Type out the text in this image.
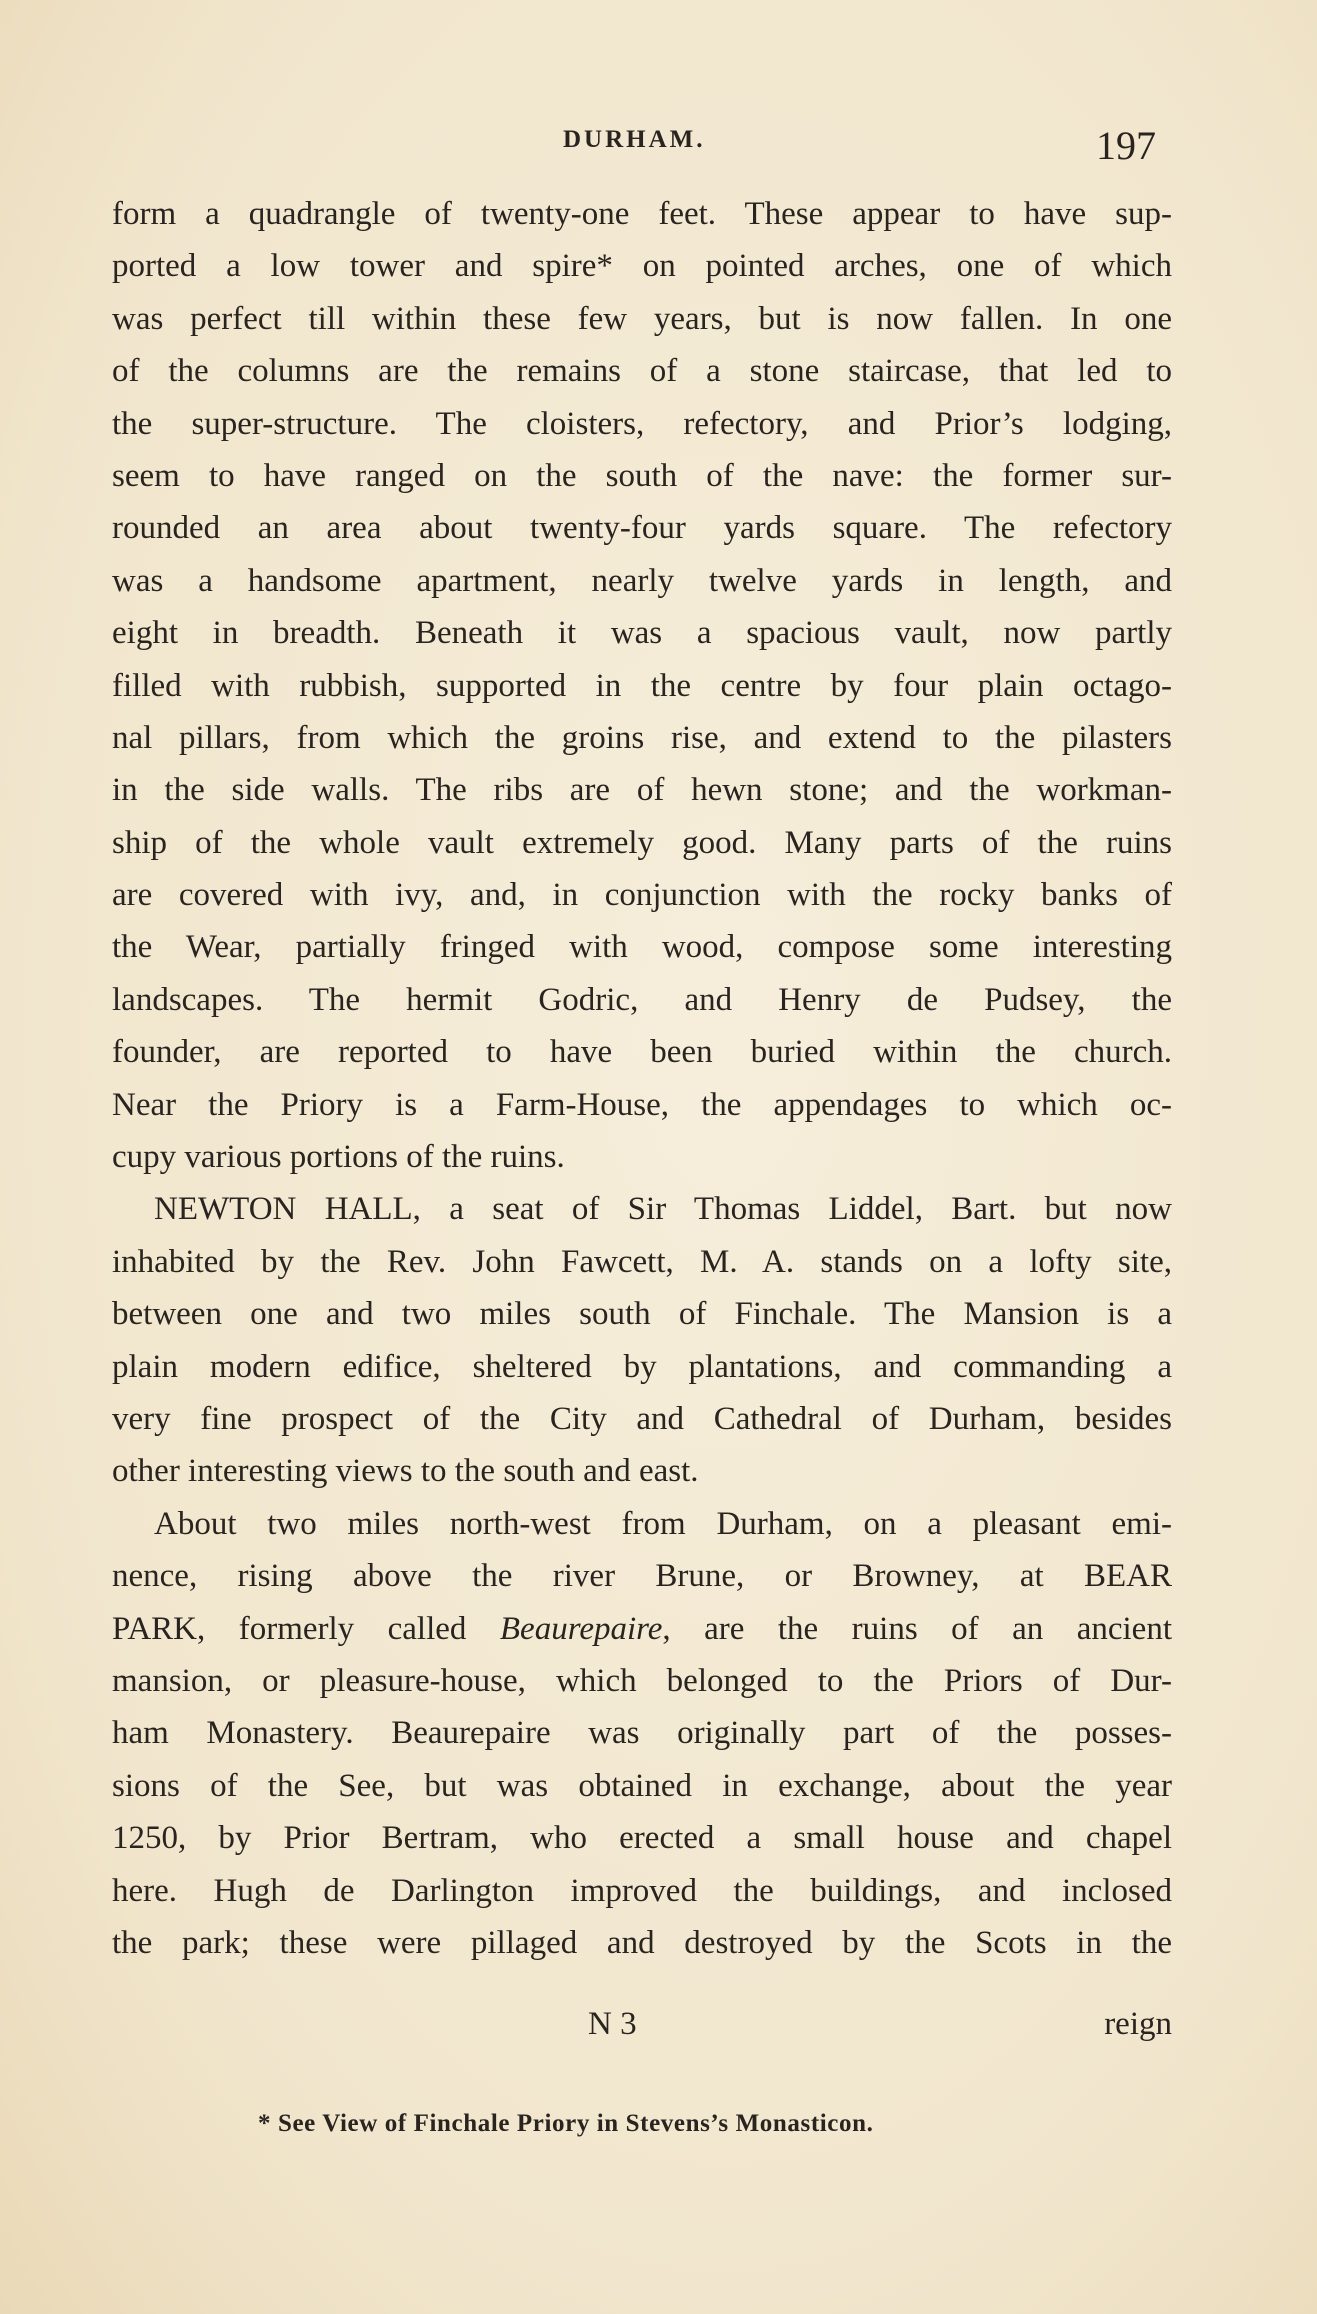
DURHAM.	197
form a quadrangle of twenty-one feet. These appear to have sup-
ported a low tower and spire* on pointed arches, one of which
was perfect till within these few years, but is now fallen. In one
of the columns are the remains of a stone staircase, that led to
the super-structure. The cloisters, refectory, and Prior’s lodging,
seem to have ranged on the south of the nave: the former sur-
rounded an area about twenty-four yards square. The refectory
was a handsome apartment, nearly twelve yards in length, and
eight in breadth. Beneath it was a spacious vault, now partly
filled with rubbish, supported in the centre by four plain octago-
nal pillars, from which the groins rise, and extend to the pilasters
in the side walls. The ribs are of hewn stone; and the workman-
ship of the whole vault extremely good. Many parts of the ruins
are covered with ivy, and, in conjunction with the rocky banks of
the Wear, partially fringed with wood, compose some interesting
landscapes. The hermit Godric, and Henry de Pudsey, the
founder, are reported to have been buried within the church.
Near the Priory is a Farm-House, the appendages to which oc-
cupy various portions of the ruins.
NEWTON HALL, a seat of Sir Thomas Liddel, Bart. but now
inhabited by the Rev. John Fawcett, M. A. stands on a lofty site,
between one and two miles south of Finchale. The Mansion is a
plain modern edifice, sheltered by plantations, and commanding a
very fine prospect of the City and Cathedral of Durham, besides
other interesting views to the south and east.
About two miles north-west from Durham, on a pleasant emi-
nence, rising above the river Brune, or Browney, at BEAR
PARK, formerly called Beaurepaire, are the ruins of an ancient
mansion, or pleasure-house, which belonged to the Priors of Dur-
ham Monastery. Beaurepaire was originally part of the posses-
sions of the See, but was obtained in exchange, about the year
1250, by Prior Bertram, who erected a small house and chapel
here. Hugh de Darlington improved the buildings, and inclosed
the park; these were pillaged and destroyed by the Scots in the
N 3	reign
* See View of Finchale Priory in Stevens’s Monasticon.
